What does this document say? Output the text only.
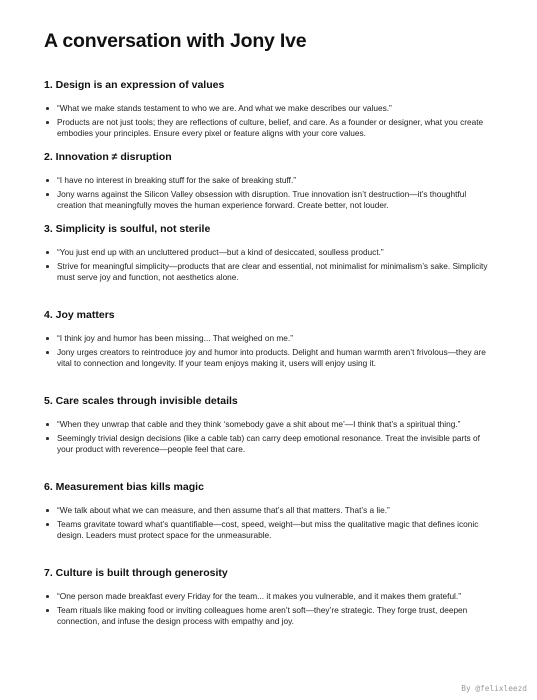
A conversation with Jony Ive
1. Design is an expression of values
“What we make stands testament to who we are. And what we make describes our values.”
Products are not just tools; they are reflections of culture, belief, and care. As a founder or designer, what you create embodies your principles. Ensure every pixel or feature aligns with your core values.
2. Innovation ≠ disruption
“I have no interest in breaking stuff for the sake of breaking stuff.”
Jony warns against the Silicon Valley obsession with disruption. True innovation isn’t destruction—it’s thoughtful creation that meaningfully moves the human experience forward. Create better, not louder.
3. Simplicity is soulful, not sterile
“You just end up with an uncluttered product—but a kind of desiccated, soulless product.”
Strive for meaningful simplicity—products that are clear and essential, not minimalist for minimalism’s sake. Simplicity must serve joy and function, not aesthetics alone.
4. Joy matters
“I think joy and humor has been missing... That weighed on me.”
Jony urges creators to reintroduce joy and humor into products. Delight and human warmth aren’t frivolous—they are vital to connection and longevity. If your team enjoys making it, users will enjoy using it.
5. Care scales through invisible details
“When they unwrap that cable and they think ‘somebody gave a shit about me’—I think that’s a spiritual thing.”
Seemingly trivial design decisions (like a cable tab) can carry deep emotional resonance. Treat the invisible parts of your product with reverence—people feel that care.
6. Measurement bias kills magic
“We talk about what we can measure, and then assume that’s all that matters. That’s a lie.”
Teams gravitate toward what’s quantifiable—cost, speed, weight—but miss the qualitative magic that defines iconic design. Leaders must protect space for the unmeasurable.
7. Culture is built through generosity
“One person made breakfast every Friday for the team... it makes you vulnerable, and it makes them grateful.”
Team rituals like making food or inviting colleagues home aren’t soft—they’re strategic. They forge trust, deepen connection, and infuse the design process with empathy and joy.
By @felixleezd
